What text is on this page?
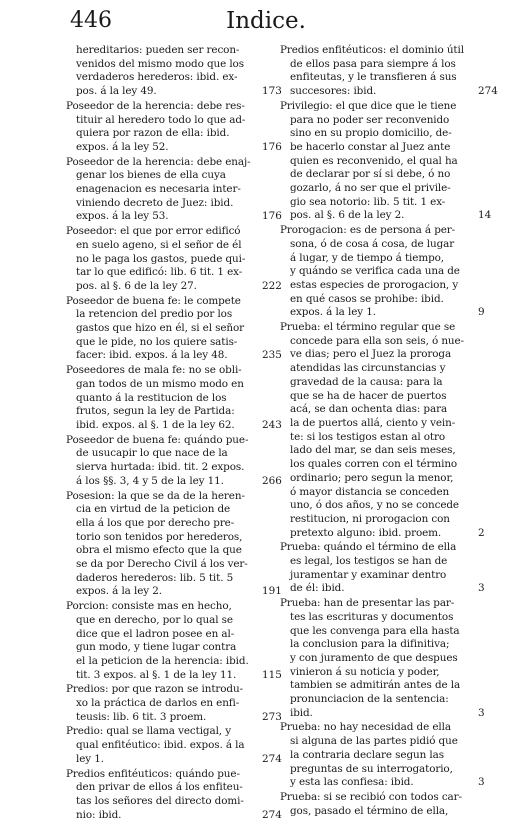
446	Indice.
hereditarios: pueden ser recon-
venidos del mismo modo que los
verdaderos herederos: ibid. ex-
pos. á la ley 49.	173
Poseedor de la herencia: debe res-
tituir al heredero todo lo que ad-
quiera por razon de ella: ibid.
expos. á la ley 52.	176
Poseedor de la herencia: debe enaj-
genar los bienes de ella cuya
enagenacion es necesaria inter-
viniendo decreto de Juez: ibid.
expos. á la ley 53.	176
Poseedor: el que por error edificó
en suelo ageno, si el señor de él
no le paga los gastos, puede qui-
tar lo que edificó: lib. 6 tit. 1 ex-
pos. al §. 6 de la ley 27.	222
Poseedor de buena fe: le compete
la retencion del predio por los
gastos que hizo en él, si el señor
que le pide, no los quiere satis-
facer: ibid. expos. á la ley 48.	235
Poseedores de mala fe: no se obli-
gan todos de un mismo modo en
quanto á la restitucion de los
frutos, segun la ley de Partida:
ibid. expos. al §. 1 de la ley 62.	243
Poseedor de buena fe: quándo pue-
de usucapir lo que nace de la
sierva hurtada: ibid. tit. 2 expos.
á los §§. 3, 4 y 5 de la ley 11.	266
Posesion: la que se da de la heren-
cia en virtud de la peticion de
ella á los que por derecho pre-
torio son tenidos por herederos,
obra el mismo efecto que la que
se da por Derecho Civil á los ver-
daderos herederos: lib. 5 tit. 5
expos. á la ley 2.	191
Porcion: consiste mas en hecho,
que en derecho, por lo qual se
dice que el ladron posee en al-
gun modo, y tiene lugar contra
el la peticion de la herencia: ibid.
tit. 3 expos. al §. 1 de la ley 11.	115
Predios: por que razon se introdu-
xo la práctica de darlos en enfi-
teusis: lib. 6 tit. 3 proem.	273
Predio: qual se llama vectigal, y
qual enfitéutico: ibid. expos. á la
ley 1.	274
Predios enfitéuticos: quándo pue-
den privar de ellos á los enfiteu-
tas los señores del directo domi-
nio: ibid.	274
Predios enfitéuticos: el dominio útil
de ellos pasa para siempre á los
enfiteutas, y le transfieren á sus
succesores: ibid.	274
Privilegio: el que dice que le tiene
para no poder ser reconvenido
sino en su propio domicilio, de-
be hacerlo constar al Juez ante
quien es reconvenido, el qual ha
de declarar por sí si debe, ó no
gozarlo, á no ser que el privile-
gio sea notorio: lib. 5 tit. 1 ex-
pos. al §. 6 de la ley 2.	14
Prorogacion: es de persona á per-
sona, ó de cosa á cosa, de lugar
á lugar, y de tiempo á tiempo,
y quándo se verifica cada una de
estas especies de prorogacion, y
en qué casos se prohibe: ibid.
expos. á la ley 1.	9
Prueba: el término regular que se
concede para ella son seis, ó nue-
ve dias; pero el Juez la proroga
atendidas las circunstancias y
gravedad de la causa: para la
que se ha de hacer de puertos
acá, se dan ochenta dias: para
la de puertos allá, ciento y vein-
te: si los testigos estan al otro
lado del mar, se dan seis meses,
los quales corren con el término
ordinario; pero segun la menor,
ó mayor distancia se conceden
uno, ó dos años, y no se concede
restitucion, ni prorogacion con
pretexto alguno: ibid. proem.	2
Prueba: quándo el término de ella
es legal, los testigos se han de
juramentar y examinar dentro
de él: ibid.	3
Prueba: han de presentar las par-
tes las escrituras y documentos
que les convenga para ella hasta
la conclusion para la difinitiva;
y con juramento de que despues
vinieron á su noticia y poder,
tambien se admitirán antes de la
pronunciacion de la sentencia:
ibid.	3
Prueba: no hay necesidad de ella
si alguna de las partes pidió que
la contraria declare segun las
preguntas de su interrogatorio,
y esta las confiesa: ibid.	3
Prueba: si se recibió con todos car-
gos, pasado el término de ella,
